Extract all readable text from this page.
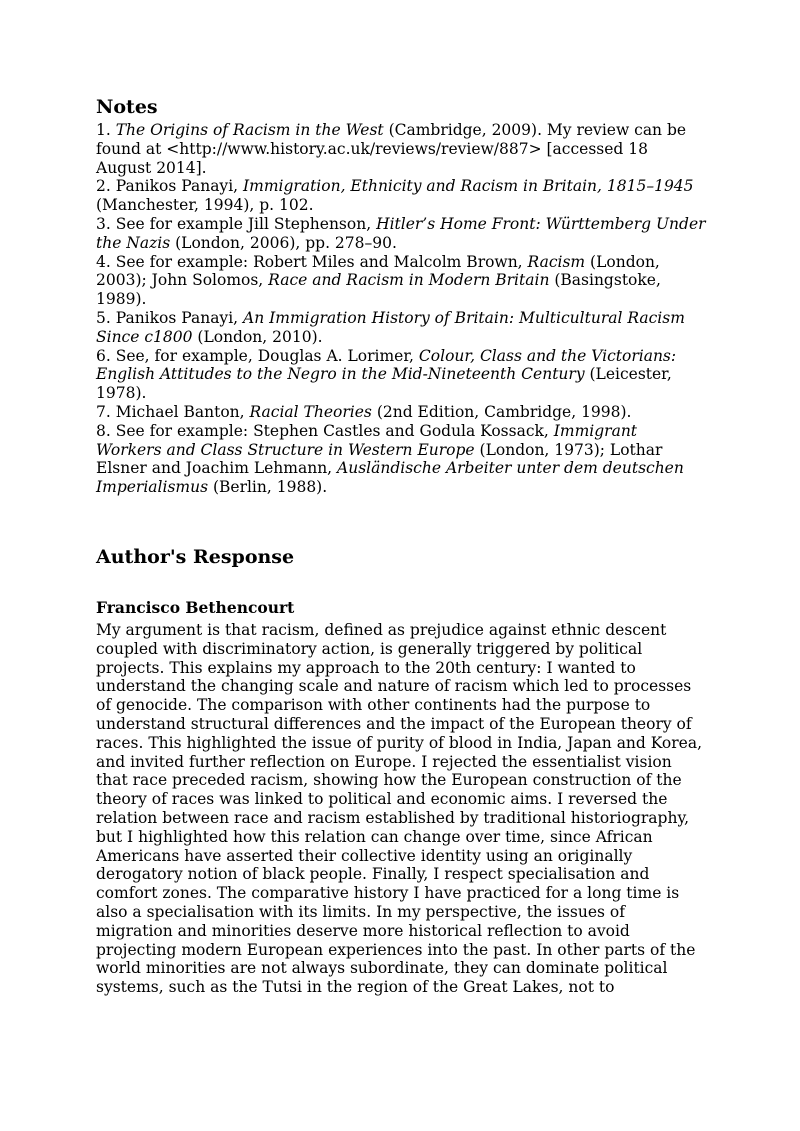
Notes

1. The Origins of Racism in the West (Cambridge, 2009). My review can be found at <http://www.history.ac.uk/reviews/review/887> [accessed 18 August 2014].

2. Panikos Panayi, Immigration, Ethnicity and Racism in Britain, 1815–1945 (Manchester, 1994), p. 102.

3. See for example Jill Stephenson, Hitler’s Home Front: Württemberg Under the Nazis (London, 2006), pp. 278–90.

4. See for example: Robert Miles and Malcolm Brown, Racism (London, 2003); John Solomos, Race and Racism in Modern Britain (Basingstoke, 1989).

5. Panikos Panayi, An Immigration History of Britain: Multicultural Racism Since c1800 (London, 2010).

6. See, for example, Douglas A. Lorimer, Colour, Class and the Victorians: English Attitudes to the Negro in the Mid-Nineteenth Century (Leicester, 1978).

7. Michael Banton, Racial Theories (2nd Edition, Cambridge, 1998).

8. See for example: Stephen Castles and Godula Kossack, Immigrant Workers and Class Structure in Western Europe (London, 1973); Lothar Elsner and Joachim Lehmann, Ausländische Arbeiter unter dem deutschen Imperialismus (Berlin, 1988).

Author's Response

Francisco Bethencourt

My argument is that racism, defined as prejudice against ethnic descent coupled with discriminatory action, is generally triggered by political projects. This explains my approach to the 20th century: I wanted to understand the changing scale and nature of racism which led to processes of genocide. The comparison with other continents had the purpose to understand structural differences and the impact of the European theory of races. This highlighted the issue of purity of blood in India, Japan and Korea, and invited further reflection on Europe. I rejected the essentialist vision that race preceded racism, showing how the European construction of the theory of races was linked to political and economic aims. I reversed the relation between race and racism established by traditional historiography, but I highlighted how this relation can change over time, since African Americans have asserted their collective identity using an originally derogatory notion of black people. Finally, I respect specialisation and comfort zones. The comparative history I have practiced for a long time is also a specialisation with its limits. In my perspective, the issues of migration and minorities deserve more historical reflection to avoid projecting modern European experiences into the past. In other parts of the world minorities are not always subordinate, they can dominate political systems, such as the Tutsi in the region of the Great Lakes, not to
